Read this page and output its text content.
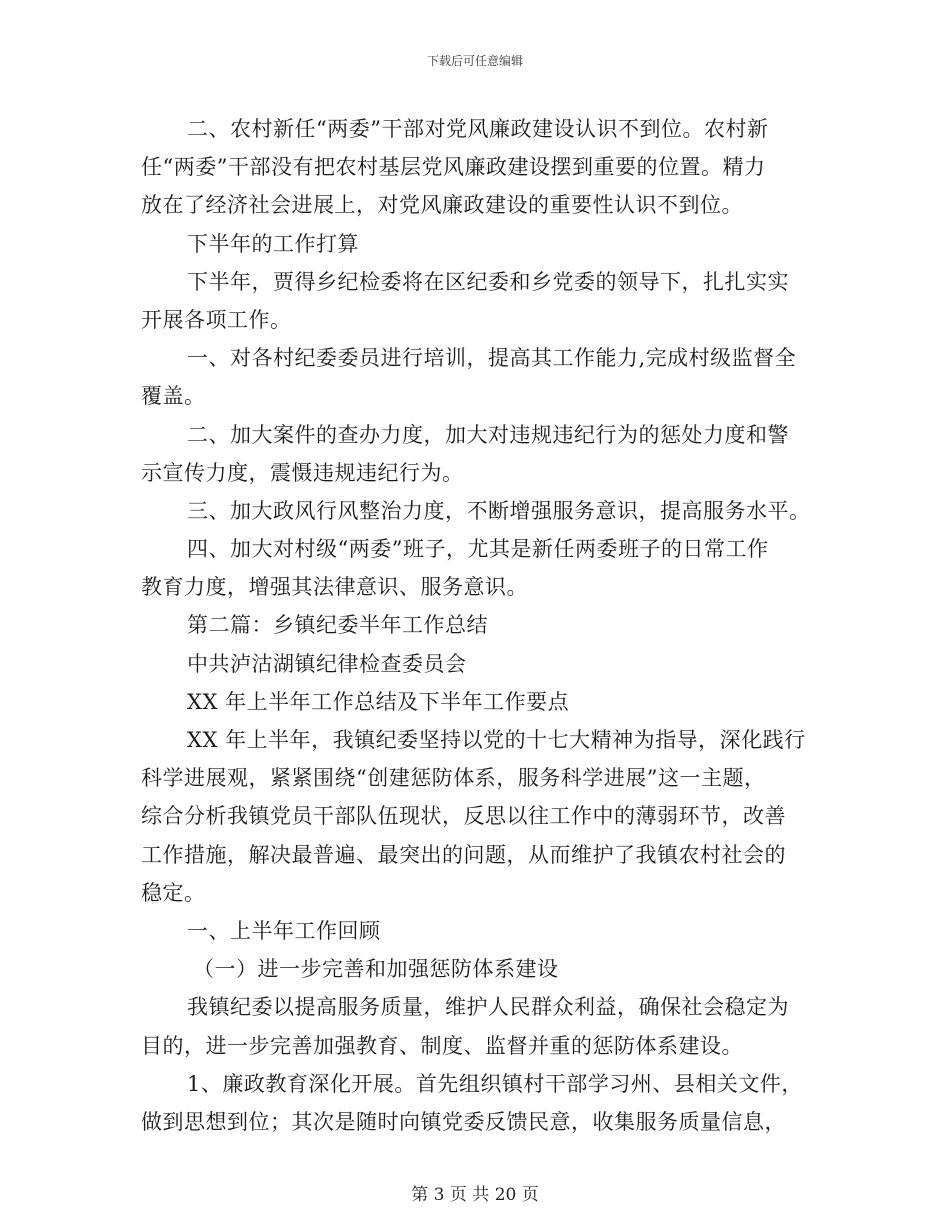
下载后可任意编辑
二、农村新任“两委”干部对党风廉政建设认识不到位。农村新
任“两委”干部没有把农村基层党风廉政建设摆到重要的位置。精力
放在了经济社会进展上，对党风廉政建设的重要性认识不到位。
下半年的工作打算
下半年，贾得乡纪检委将在区纪委和乡党委的领导下，扎扎实实
开展各项工作。
一、对各村纪委委员进行培训，提高其工作能力,完成村级监督全
覆盖。
二、加大案件的查办力度，加大对违规违纪行为的惩处力度和警
示宣传力度，震慑违规违纪行为。
三、加大政风行风整治力度，不断增强服务意识，提高服务水平。
四、加大对村级“两委”班子，尤其是新任两委班子的日常工作
教育力度，增强其法律意识、服务意识。
第二篇：乡镇纪委半年工作总结
中共泸沽湖镇纪律检查委员会
XX 年上半年工作总结及下半年工作要点
XX 年上半年，我镇纪委坚持以党的十七大精神为指导，深化践行
科学进展观，紧紧围绕“创建惩防体系，服务科学进展”这一主题，
综合分析我镇党员干部队伍现状，反思以往工作中的薄弱环节，改善
工作措施，解决最普遍、最突出的问题，从而维护了我镇农村社会的
稳定。
一、上半年工作回顾
（一）进一步完善和加强惩防体系建设
我镇纪委以提高服务质量，维护人民群众利益，确保社会稳定为
目的，进一步完善加强教育、制度、监督并重的惩防体系建设。
1、廉政教育深化开展。首先组织镇村干部学习州、县相关文件，
做到思想到位；其次是随时向镇党委反馈民意，收集服务质量信息，
第 3 页 共 20 页
